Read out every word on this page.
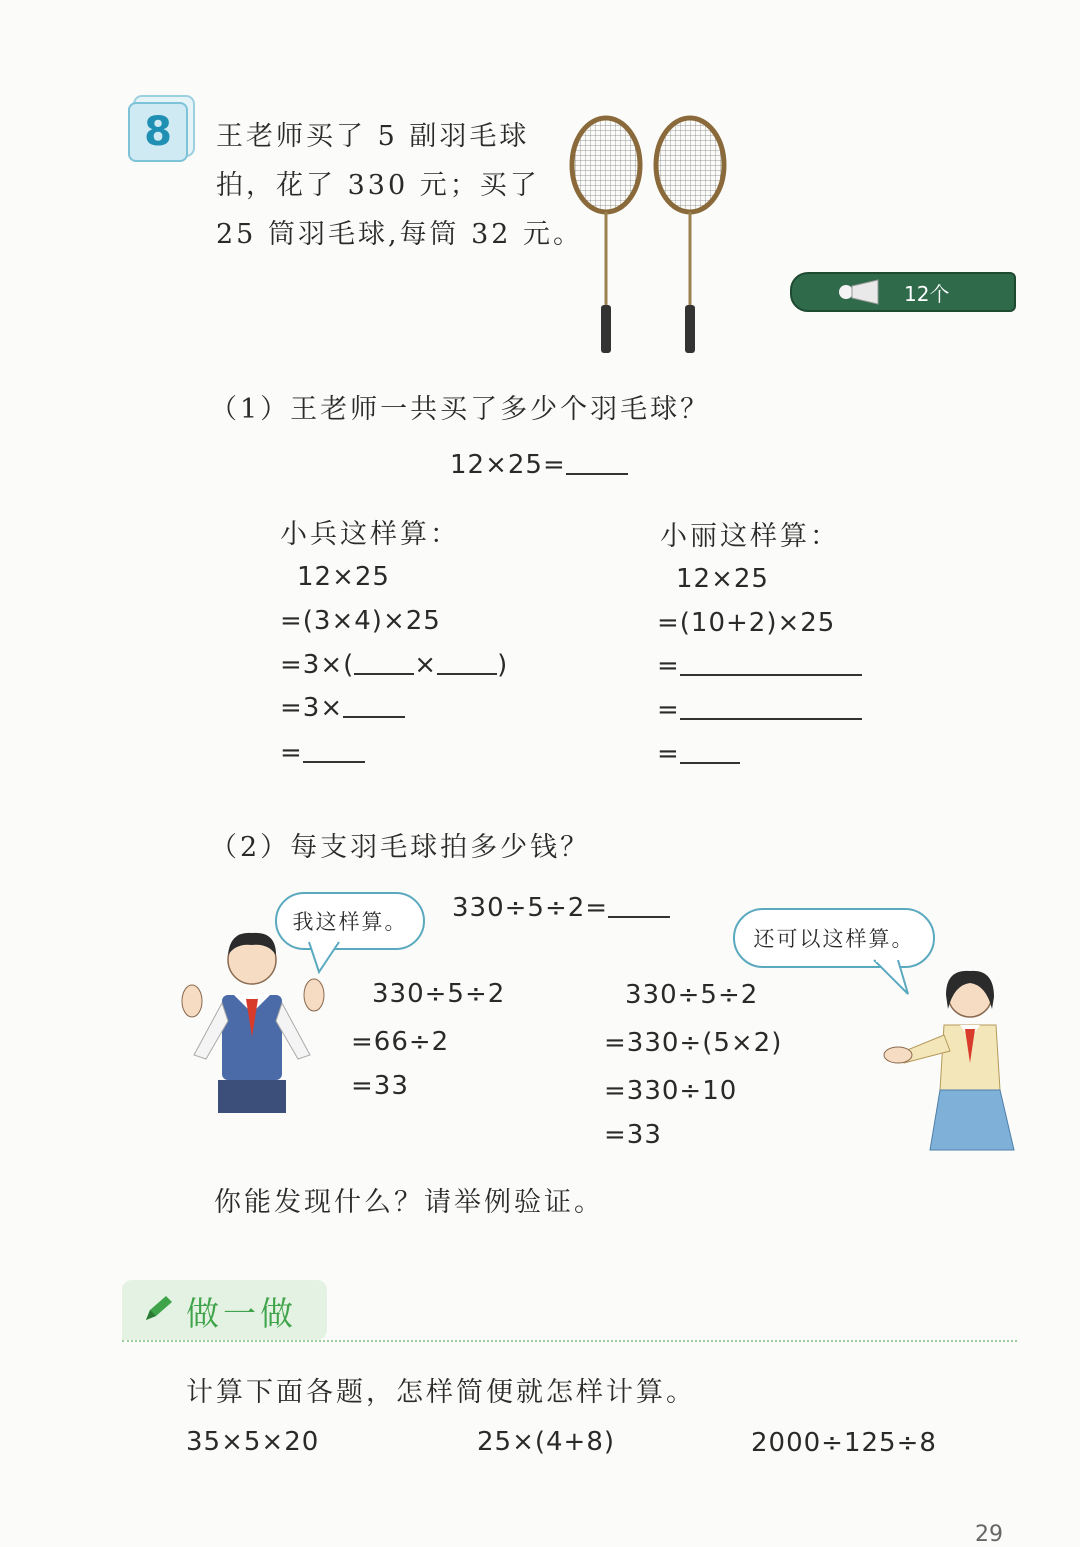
8 王老师买了 5 副羽毛球
拍，花了 330 元；买了
25 筒羽毛球,每筒 32 元。
12个
（1）王老师一共买了多少个羽毛球？
12×25=
小兵这样算：
12×25
=(3×4)×25
=3×( × )
=3×
=
小丽这样算：
12×25
=(10+2)×25
=
=
=
（2）每支羽毛球拍多少钱？
330÷5÷2=
我这样算。
还可以这样算。
330÷5÷2
=66÷2
=33
330÷5÷2
=330÷(5×2)
=330÷10
=33
你能发现什么？请举例验证。
做一做
计算下面各题，怎样简便就怎样计算。
35×5×20	25×(4+8)	2000÷125÷8
29
